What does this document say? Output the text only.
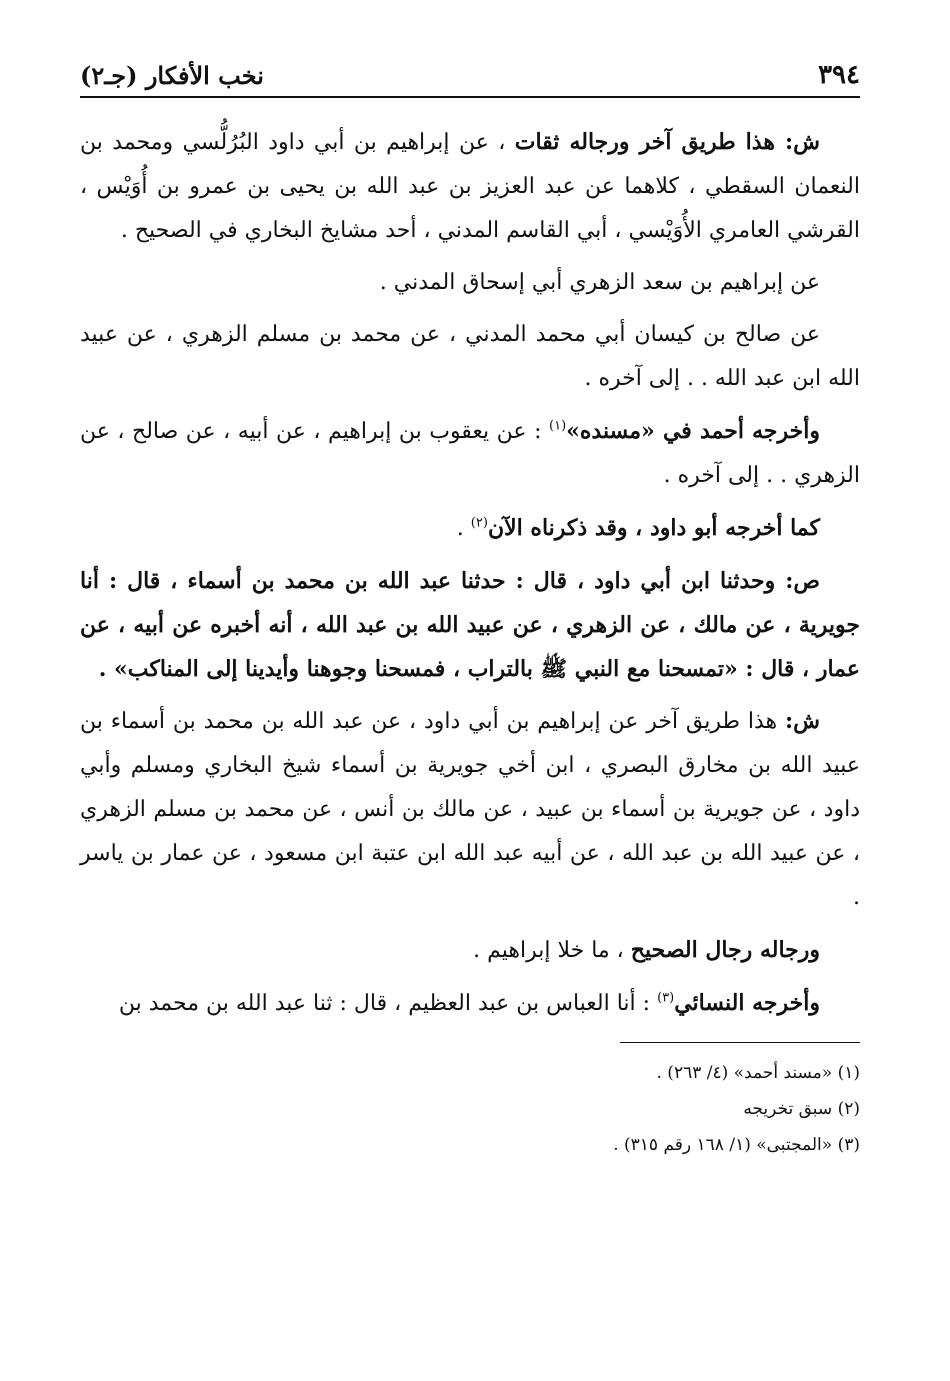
٣٩٤
نخب الأفكار (جـ٢)

ش: هذا طريق آخر ورجاله ثقات ، عن إبراهيم بن أبي داود البُرُلُّسي ومحمد بن النعمان السقطي ، كلاهما عن عبد العزيز بن عبد الله بن يحيى بن عمرو بن أُوَيْس ، القرشي العامري الأُوَيْسي ، أبي القاسم المدني ، أحد مشايخ البخاري في الصحيح .

عن إبراهيم بن سعد الزهري أبي إسحاق المدني .

عن صالح بن كيسان أبي محمد المدني ، عن محمد بن مسلم الزهري ، عن عبيد الله ابن عبد الله . . إلى آخره .

وأخرجه أحمد في «مسنده»$^{(١)}$ : عن يعقوب بن إبراهيم ، عن أبيه ، عن صالح ، عن الزهري . . إلى آخره .

كما أخرجه أبو داود ، وقد ذكرناه الآن$^{(٢)}$ .

ص: وحدثنا ابن أبي داود ، قال : حدثنا عبد الله بن محمد بن أسماء ، قال : أنا جويرية ، عن مالك ، عن الزهري ، عن عبيد الله بن عبد الله ، أنه أخبره عن أبيه ، عن عمار ، قال : «تمسحنا مع النبي ﷺ بالتراب ، فمسحنا وجوهنا وأيدينا إلى المناكب» .

ش: هذا طريق آخر عن إبراهيم بن أبي داود ، عن عبد الله بن محمد بن أسماء بن عبيد الله بن مخارق البصري ، ابن أخي جويرية بن أسماء شيخ البخاري ومسلم وأبي داود ، عن جويرية بن أسماء بن عبيد ، عن مالك بن أنس ، عن محمد بن مسلم الزهري ، عن عبيد الله بن عبد الله ، عن أبيه عبد الله ابن عتبة ابن مسعود ، عن عمار بن ياسر .

ورجاله رجال الصحيح ، ما خلا إبراهيم .

وأخرجه النسائي$^{(٣)}$ : أنا العباس بن عبد العظيم ، قال : ثنا عبد الله بن محمد بن

(١) «مسند أحمد» (٤/ ٢٦٣) .

(٢) سبق تخريجه

(٣) «المجتبى» (١/ ١٦٨ رقم ٣١٥) .
